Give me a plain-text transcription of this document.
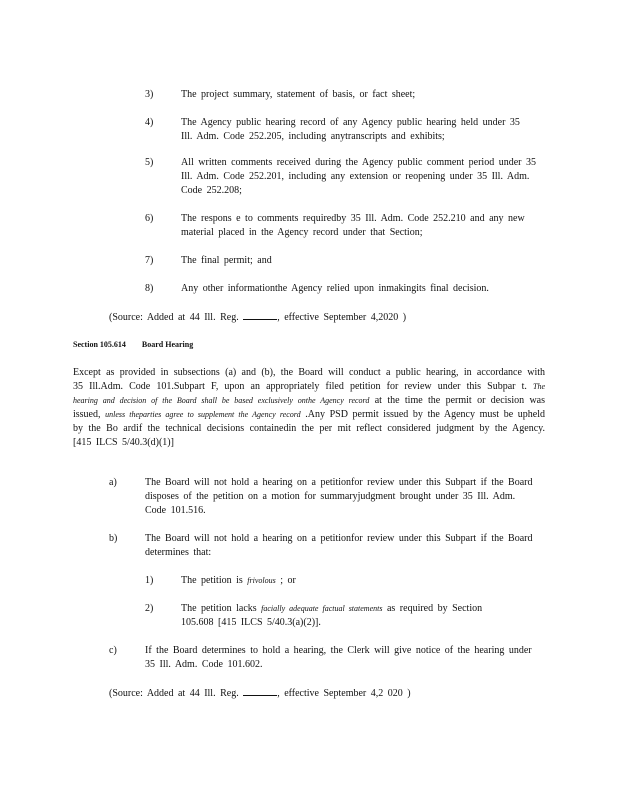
3)	The project summary, statement of basis, or fact sheet;
4)	The Agency public hearing record of any Agency public hearing held under 35 Ill. Adm. Code 252.205, including anytranscripts and exhibits;
5)	All written comments received during the Agency public comment period under 35 Ill. Adm. Code 252.201, including any extension or reopening under 35 Ill. Adm. Code 252.208;
6)	The respons e to comments requiredby 35 Ill. Adm. Code 252.210 and any new material placed in the Agency record under that Section;
7)	The final permit; and
8)	Any other informationthe Agency relied upon inmakingits final decision.
(Source: Added at 44 Ill. Reg.	, effective September 4,2020 )
Section 105.614 Board Hearing
Except as provided in subsections (a) and (b), the Board will conduct a public hearing, in accordance with 35 Ill.Adm. Code 101.Subpart F, upon an appropriately filed petition for review under this Subpar t. The hearing and decision of the Board shall be based exclusively onthe Agency record at the time the permit or decision was issued, unless theparties agree to supplement the Agency record .Any PSD permit issued by the Agency must be upheld by the Bo ardif the technical decisions containedin the per mit reflect considered judgment by the Agency. [415 ILCS 5/40.3(d)(1)]
a)	The Board will not hold a hearing on a petitionfor review under this Subpart if the Board disposes of the petition on a motion for summaryjudgment brought under 35 Ill. Adm. Code 101.516.
b)	The Board will not hold a hearing on a petitionfor review under this Subpart if the Board determines that:
1)	The petition is frivolous ; or
2)	The petition lacks facially adequate factual statements as required by Section 105.608 [415 ILCS 5/40.3(a)(2)].
c)	If the Board determines to hold a hearing, the Clerk will give notice of the hearing under 35 Ill. Adm. Code 101.602.
(Source: Added at 44 Ill. Reg.	, effective September 4,2 020 )
